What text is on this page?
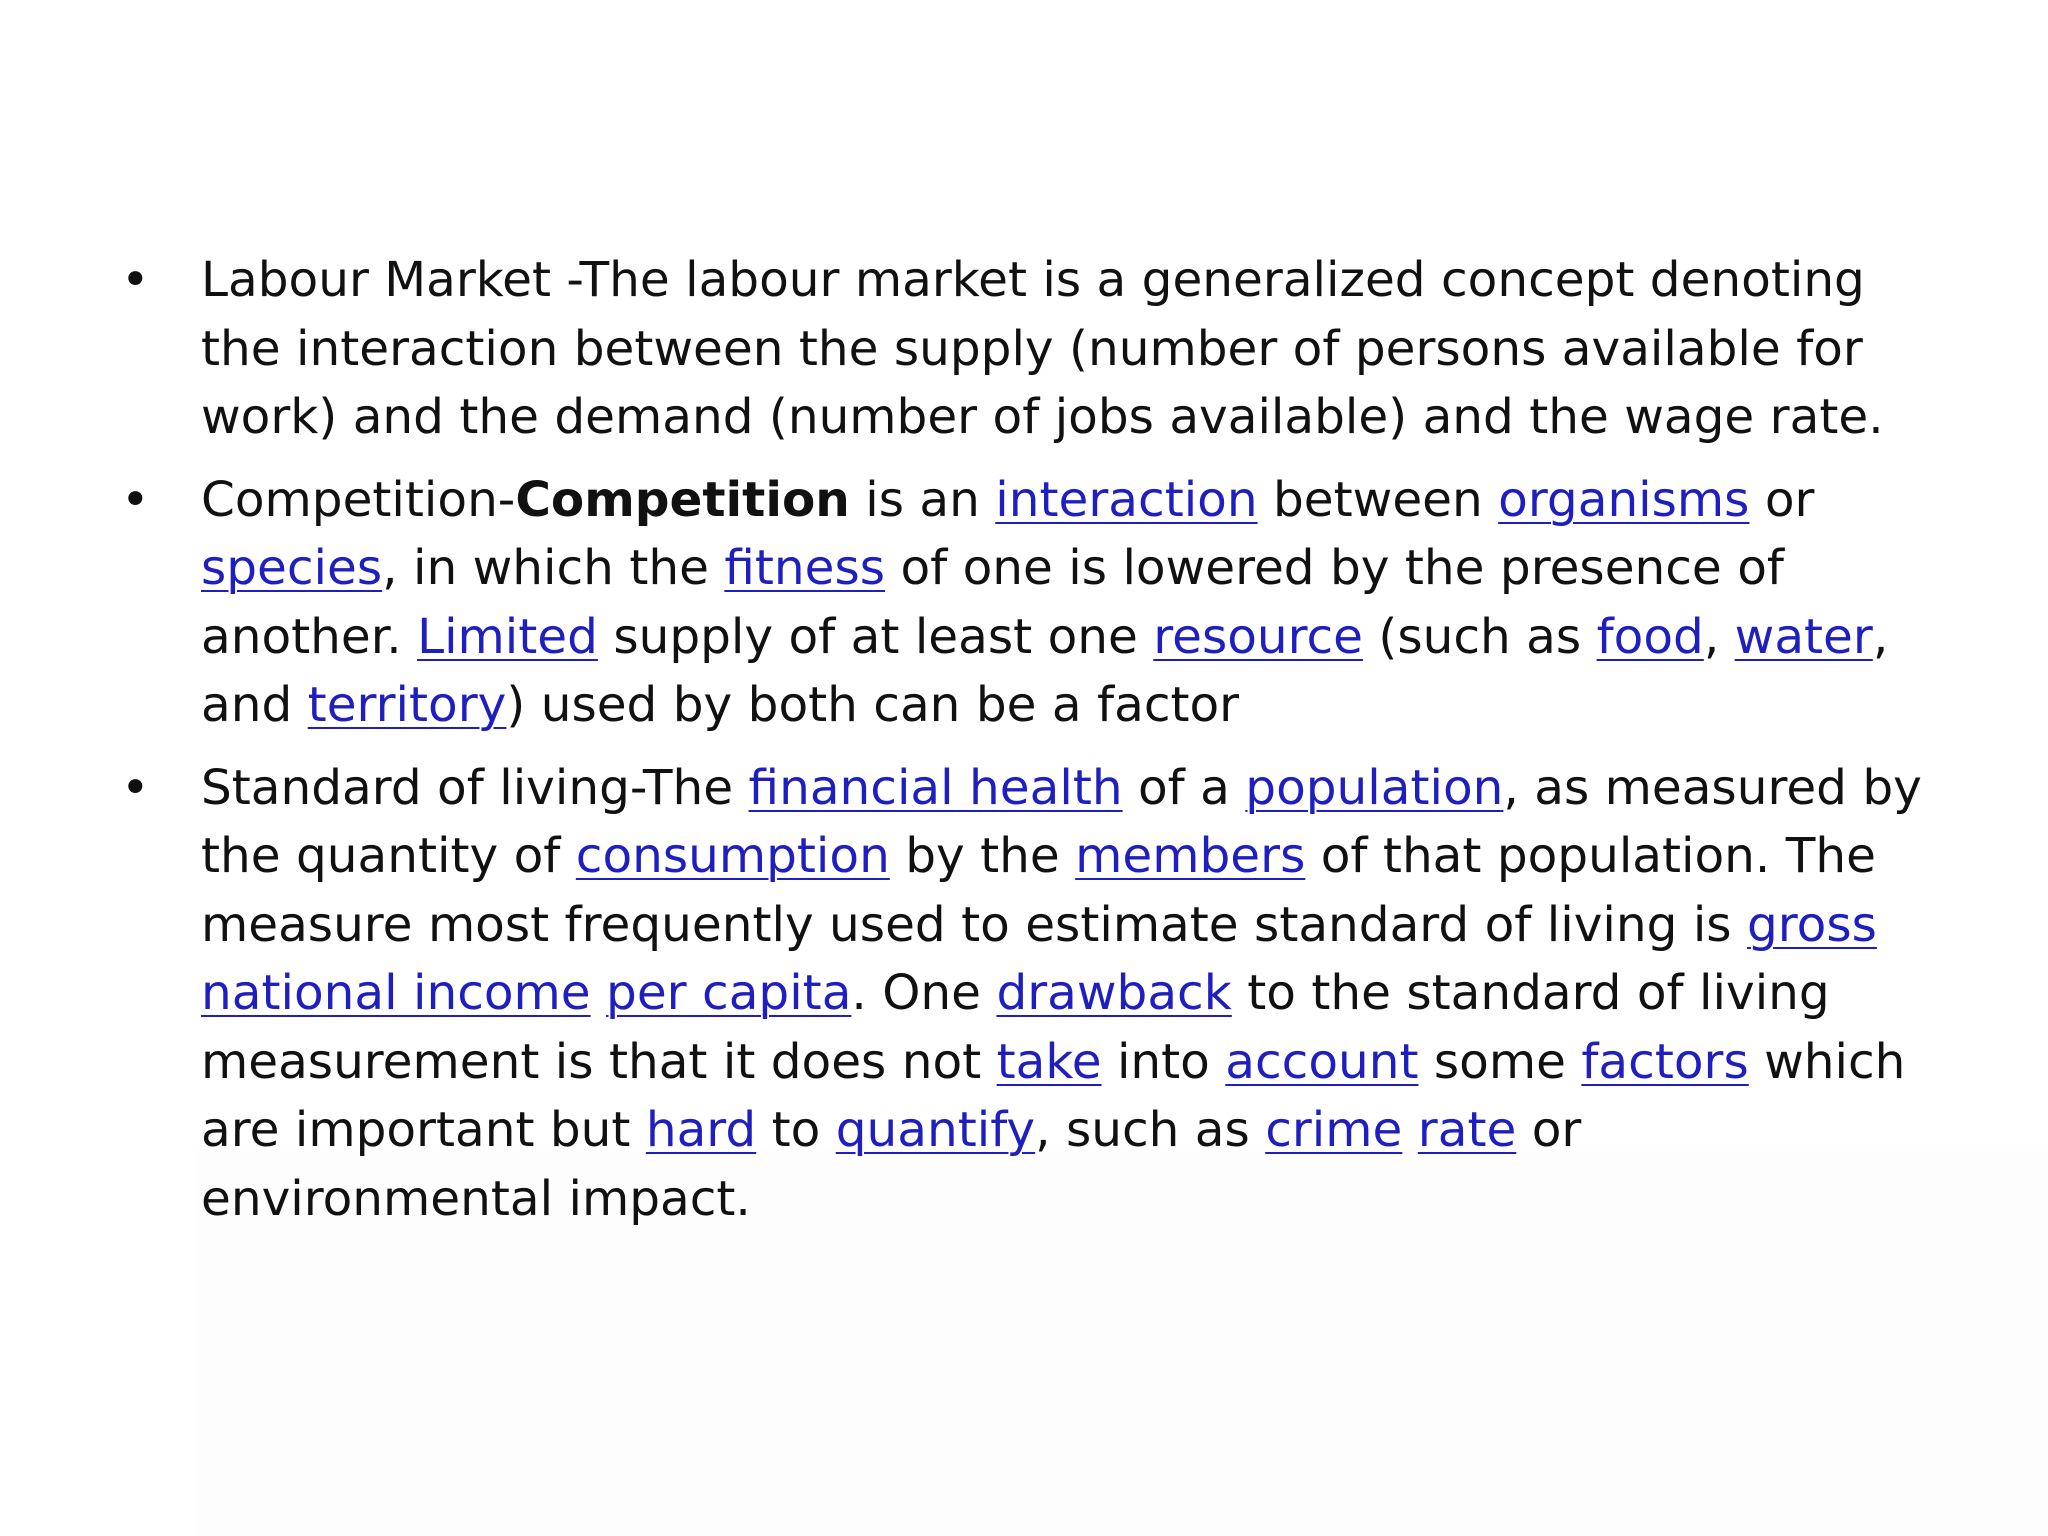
• Labour Market -The labour market is a generalized concept denoting the interaction between the supply (number of persons available for work) and the demand (number of jobs available) and the wage rate.
• Competition-Competition is an interaction between organisms or species, in which the fitness of one is lowered by the presence of another. Limited supply of at least one resource (such as food, water, and territory) used by both can be a factor
• Standard of living-The financial health of a population, as measured by the quantity of consumption by the members of that population. The measure most frequently used to estimate standard of living is gross national income per capita. One drawback to the standard of living measurement is that it does not take into account some factors which are important but hard to quantify, such as crime rate or environmental impact.
